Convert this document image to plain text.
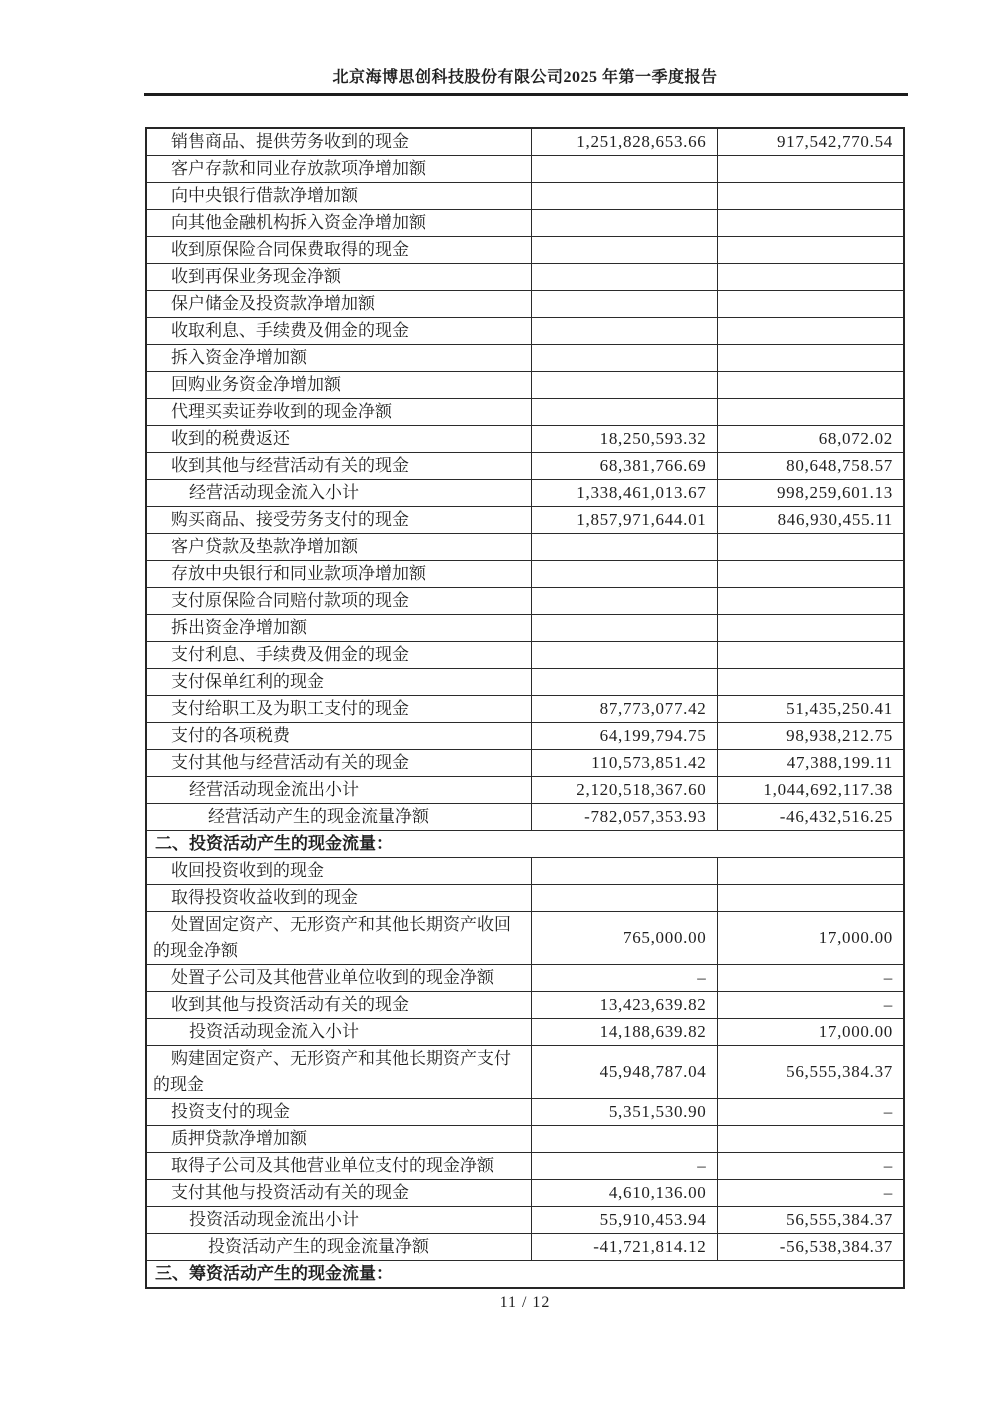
北京海博思创科技股份有限公司2025 年第一季度报告
销售商品、提供劳务收到的现金	1,251,828,653.66	917,542,770.54
客户存款和同业存放款项净增加额		
向中央银行借款净增加额		
向其他金融机构拆入资金净增加额		
收到原保险合同保费取得的现金		
收到再保业务现金净额		
保户储金及投资款净增加额		
收取利息、手续费及佣金的现金		
拆入资金净增加额		
回购业务资金净增加额		
代理买卖证券收到的现金净额		
收到的税费返还	18,250,593.32	68,072.02
收到其他与经营活动有关的现金	68,381,766.69	80,648,758.57
经营活动现金流入小计	1,338,461,013.67	998,259,601.13
购买商品、接受劳务支付的现金	1,857,971,644.01	846,930,455.11
客户贷款及垫款净增加额		
存放中央银行和同业款项净增加额		
支付原保险合同赔付款项的现金		
拆出资金净增加额		
支付利息、手续费及佣金的现金		
支付保单红利的现金		
支付给职工及为职工支付的现金	87,773,077.42	51,435,250.41
支付的各项税费	64,199,794.75	98,938,212.75
支付其他与经营活动有关的现金	110,573,851.42	47,388,199.11
经营活动现金流出小计	2,120,518,367.60	1,044,692,117.38
经营活动产生的现金流量净额	-782,057,353.93	-46,432,516.25
二、投资活动产生的现金流量：		
收回投资收到的现金		
取得投资收益收到的现金		
处置固定资产、无形资产和其他长期资产收回的现金净额	765,000.00	17,000.00
处置子公司及其他营业单位收到的现金净额	–	–
收到其他与投资活动有关的现金	13,423,639.82	–
投资活动现金流入小计	14,188,639.82	17,000.00
购建固定资产、无形资产和其他长期资产支付的现金	45,948,787.04	56,555,384.37
投资支付的现金	5,351,530.90	–
质押贷款净增加额		
取得子公司及其他营业单位支付的现金净额	–	–
支付其他与投资活动有关的现金	4,610,136.00	–
投资活动现金流出小计	55,910,453.94	56,555,384.37
投资活动产生的现金流量净额	-41,721,814.12	-56,538,384.37
三、筹资活动产生的现金流量：		
11 / 12
